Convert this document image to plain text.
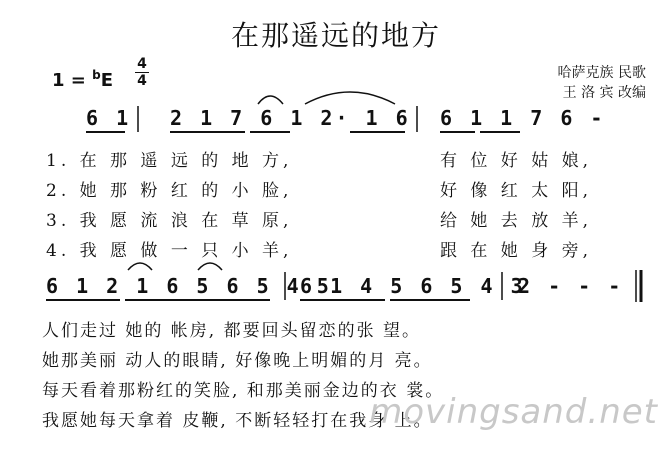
在那遥远的地方
1 = $^b$E
4
4	哈萨克族 民歌
王 洛 宾 改编
6 1 2 1 7 6 1 2· 1 6 6 1 1 7 6 -
1. 在 那 遥 远 的 地 方,	有 位 好 姑 娘,
2. 她 那 粉 红 的 小 脸,	好 像 红 太 阳,
3. 我 愿 流 浪 在 草 原,	给 她 去 放 羊,
4. 我 愿 做 一 只 小 羊,	跟 在 她 身 旁,
6 1 2 1 6 5 6 5 4 5
6 1 4 5 6 5 4 3
2 - - -
人们走过 她的 帐房, 都要回头留恋的张 望。
她那美丽 动人的眼睛, 好像晚上明媚的月 亮。
每天看着那粉红的笑脸, 和那美丽金边的衣 裳。
我愿她每天拿着 皮鞭, 不断轻轻打在我身 上。
movingsand.net
